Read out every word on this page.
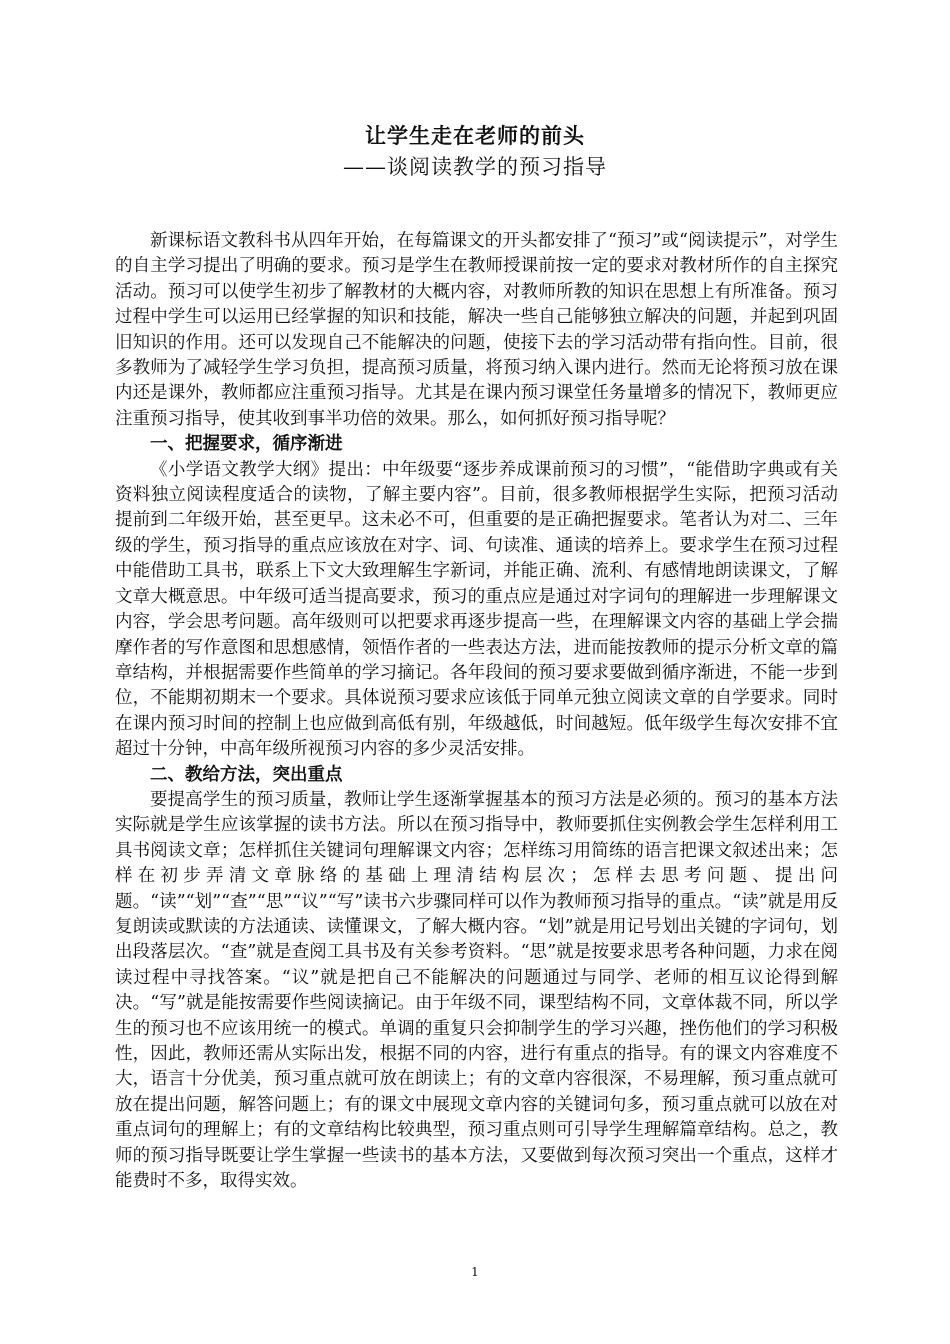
让学生走在老师的前头
——谈阅读教学的预习指导

新课标语文教科书从四年开始，在每篇课文的开头都安排了“预习”或“阅读提示”，对学生的自主学习提出了明确的要求。预习是学生在教师授课前按一定的要求对教材所作的自主探究活动。预习可以使学生初步了解教材的大概内容，对教师所教的知识在思想上有所准备。预习过程中学生可以运用已经掌握的知识和技能，解决一些自己能够独立解决的问题，并起到巩固旧知识的作用。还可以发现自己不能解决的问题，使接下去的学习活动带有指向性。目前，很多教师为了减轻学生学习负担，提高预习质量，将预习纳入课内进行。然而无论将预习放在课内还是课外，教师都应注重预习指导。尤其是在课内预习课堂任务量增多的情况下，教师更应注重预习指导，使其收到事半功倍的效果。那么，如何抓好预习指导呢？

一、把握要求，循序渐进

《小学语文教学大纲》提出：中年级要“逐步养成课前预习的习惯”，“能借助字典或有关资料独立阅读程度适合的读物，了解主要内容”。目前，很多教师根据学生实际，把预习活动提前到二年级开始，甚至更早。这未必不可，但重要的是正确把握要求。笔者认为对二、三年级的学生，预习指导的重点应该放在对字、词、句读准、通读的培养上。要求学生在预习过程中能借助工具书，联系上下文大致理解生字新词，并能正确、流利、有感情地朗读课文，了解文章大概意思。中年级可适当提高要求，预习的重点应是通过对字词句的理解进一步理解课文内容，学会思考问题。高年级则可以把要求再逐步提高一些，在理解课文内容的基础上学会揣摩作者的写作意图和思想感情，领悟作者的一些表达方法，进而能按教师的提示分析文章的篇章结构，并根据需要作些简单的学习摘记。各年段间的预习要求要做到循序渐进，不能一步到位，不能期初期末一个要求。具体说预习要求应该低于同单元独立阅读文章的自学要求。同时在课内预习时间的控制上也应做到高低有别，年级越低，时间越短。低年级学生每次安排不宜超过十分钟，中高年级所视预习内容的多少灵活安排。

二、教给方法，突出重点

要提高学生的预习质量，教师让学生逐渐掌握基本的预习方法是必须的。预习的基本方法实际就是学生应该掌握的读书方法。所以在预习指导中，教师要抓住实例教会学生怎样利用工具书阅读文章；怎样抓住关键词句理解课文内容；怎样练习用简练的语言把课文叙述出来；怎样在初步弄清文章脉络的基础上理清结构层次；怎样去思考问题、提出问题。“读”“划”“查”“思”“议”“写”读书六步骤同样可以作为教师预习指导的重点。“读”就是用反复朗读或默读的方法通读、读懂课文，了解大概内容。“划”就是用记号划出关键的字词句，划出段落层次。“查”就是查阅工具书及有关参考资料。“思”就是按要求思考各种问题，力求在阅读过程中寻找答案。“议”就是把自己不能解决的问题通过与同学、老师的相互议论得到解决。“写”就是能按需要作些阅读摘记。由于年级不同，课型结构不同，文章体裁不同，所以学生的预习也不应该用统一的模式。单调的重复只会抑制学生的学习兴趣，挫伤他们的学习积极性，因此，教师还需从实际出发，根据不同的内容，进行有重点的指导。有的课文内容难度不大，语言十分优美，预习重点就可放在朗读上；有的文章内容很深，不易理解，预习重点就可放在提出问题，解答问题上；有的课文中展现文章内容的关键词句多，预习重点就可以放在对重点词句的理解上；有的文章结构比较典型，预习重点则可引导学生理解篇章结构。总之，教师的预习指导既要让学生掌握一些读书的基本方法，又要做到每次预习突出一个重点，这样才能费时不多，取得实效。

1
